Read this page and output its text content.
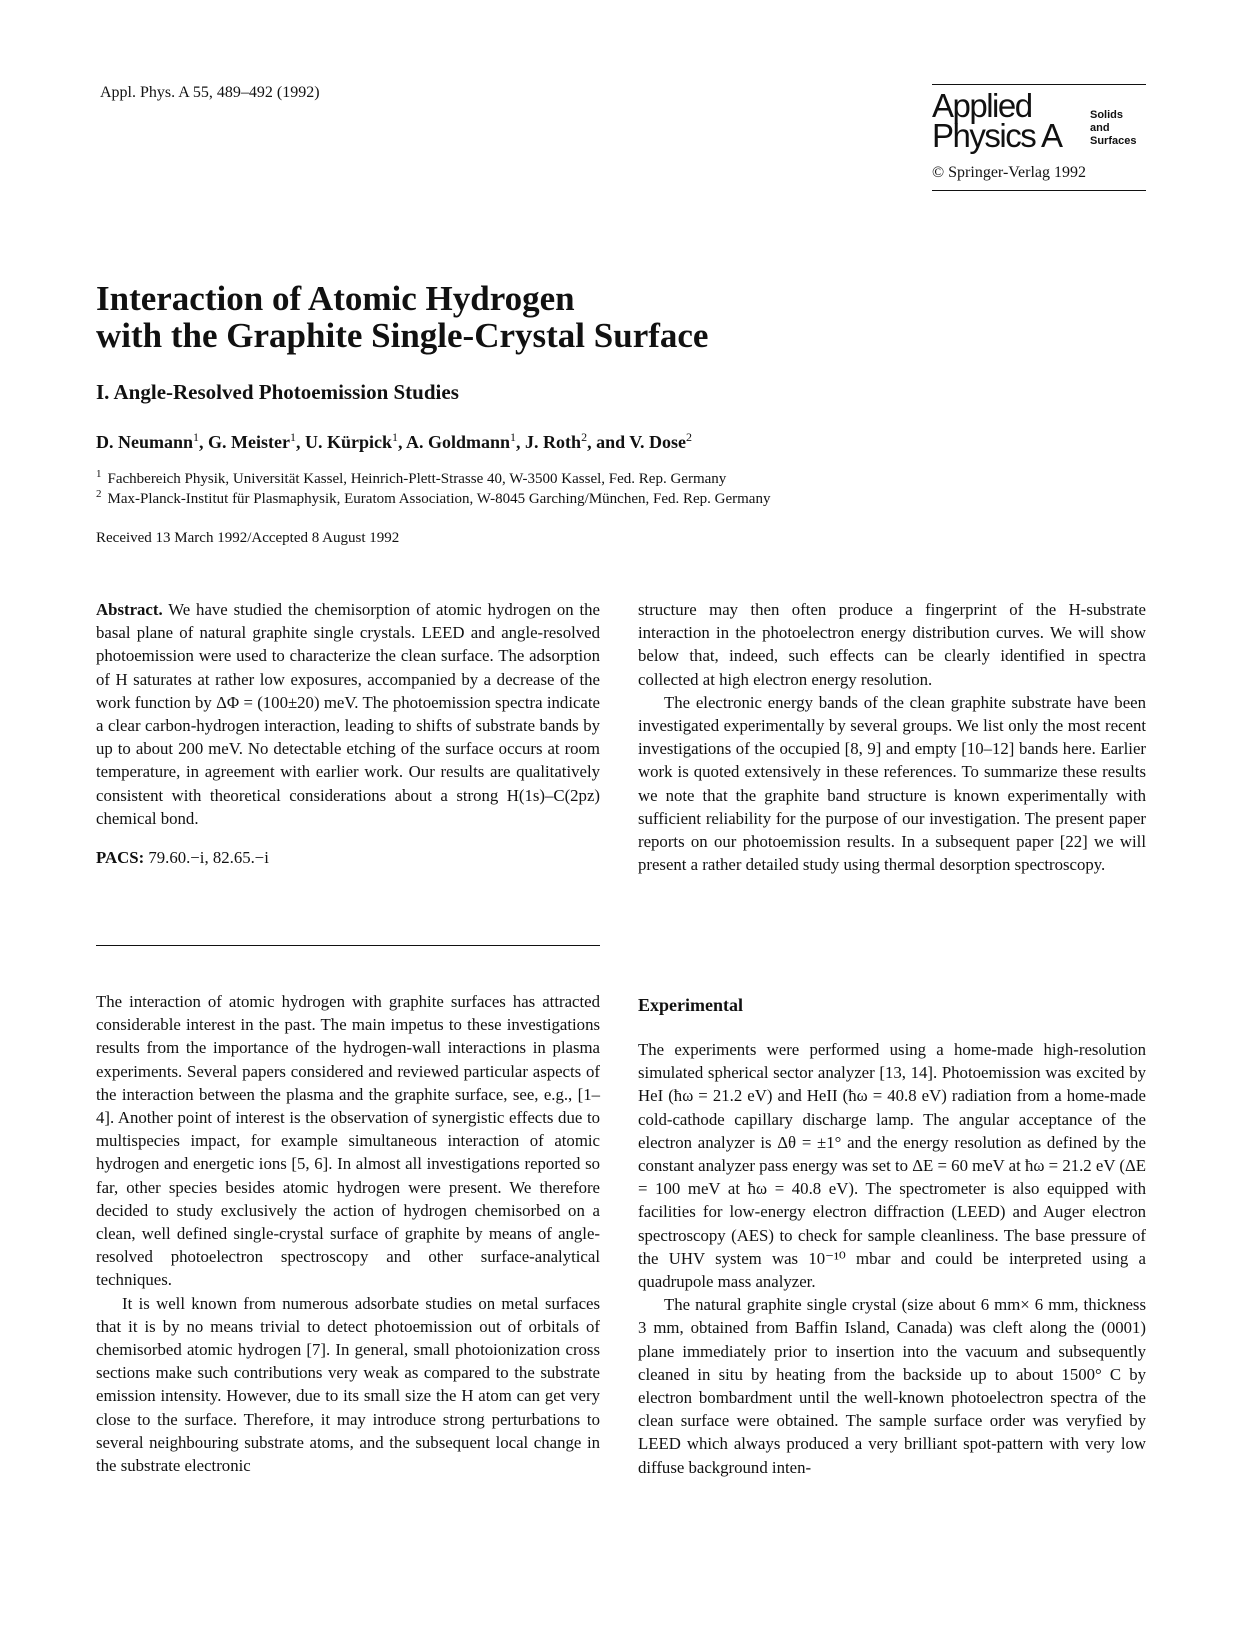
Appl. Phys. A 55, 489–492 (1992)	Applied
Physics A
Solids
and
Surfaces
© Springer-Verlag 1992
Interaction of Atomic Hydrogen
with the Graphite Single-Crystal Surface
I. Angle-Resolved Photoemission Studies
D. Neumann$^1$, G. Meister$^1$, U. Kürpick$^1$, A. Goldmann$^1$, J. Roth$^2$, and V. Dose$^2$
$^1$ Fachbereich Physik, Universität Kassel, Heinrich-Plett-Strasse 40, W-3500 Kassel, Fed. Rep. Germany
$^2$ Max-Planck-Institut für Plasmaphysik, Euratom Association, W-8045 Garching/München, Fed. Rep. Germany
Received 13 March 1992/Accepted 8 August 1992

Abstract. We have studied the chemisorption of atomic hydrogen on the basal plane of natural graphite single crystals. LEED and angle-resolved photoemission were used to characterize the clean surface. The adsorption of H saturates at rather low exposures, accompanied by a decrease of the work function by ΔΦ = (100±20) meV. The photoemission spectra indicate a clear carbon-hydrogen interaction, leading to shifts of substrate bands by up to about 200 meV. No detectable etching of the surface occurs at room temperature, in agreement with earlier work. Our results are qualitatively consistent with theoretical considerations about a strong H(1s)–C(2pz) chemical bond.

PACS: 79.60.−i, 82.65.−i

The interaction of atomic hydrogen with graphite surfaces has attracted considerable interest in the past. The main impetus to these investigations results from the importance of the hydrogen-wall interactions in plasma experiments. Several papers considered and reviewed particular aspects of the interaction between the plasma and the graphite surface, see, e.g., [1–4]. Another point of interest is the observation of synergistic effects due to multispecies impact, for example simultaneous interaction of atomic hydrogen and energetic ions [5, 6]. In almost all investigations reported so far, other species besides atomic hydrogen were present. We therefore decided to study exclusively the action of hydrogen chemisorbed on a clean, well defined single-crystal surface of graphite by means of angle-resolved photoelectron spectroscopy and other surface-analytical techniques.

It is well known from numerous adsorbate studies on metal surfaces that it is by no means trivial to detect photoemission out of orbitals of chemisorbed atomic hydrogen [7]. In general, small photoionization cross sections make such contributions very weak as compared to the substrate emission intensity. However, due to its small size the H atom can get very close to the surface. Therefore, it may introduce strong perturbations to several neighbouring substrate atoms, and the subsequent local change in the substrate electronic

structure may then often produce a fingerprint of the H-substrate interaction in the photoelectron energy distribution curves. We will show below that, indeed, such effects can be clearly identified in spectra collected at high electron energy resolution.

The electronic energy bands of the clean graphite substrate have been investigated experimentally by several groups. We list only the most recent investigations of the occupied [8, 9] and empty [10–12] bands here. Earlier work is quoted extensively in these references. To summarize these results we note that the graphite band structure is known experimentally with sufficient reliability for the purpose of our investigation. The present paper reports on our photoemission results. In a subsequent paper [22] we will present a rather detailed study using thermal desorption spectroscopy.

Experimental

The experiments were performed using a home-made high-resolution simulated spherical sector analyzer [13, 14]. Photoemission was excited by HeI (ħω = 21.2 eV) and HeII (ħω = 40.8 eV) radiation from a home-made cold-cathode capillary discharge lamp. The angular acceptance of the electron analyzer is Δθ = ±1° and the energy resolution as defined by the constant analyzer pass energy was set to ΔE = 60 meV at ħω = 21.2 eV (ΔE = 100 meV at ħω = 40.8 eV). The spectrometer is also equipped with facilities for low-energy electron diffraction (LEED) and Auger electron spectroscopy (AES) to check for sample cleanliness. The base pressure of the UHV system was 10⁻¹⁰ mbar and could be interpreted using a quadrupole mass analyzer.

The natural graphite single crystal (size about 6 mm× 6 mm, thickness 3 mm, obtained from Baffin Island, Canada) was cleft along the (0001) plane immediately prior to insertion into the vacuum and subsequently cleaned in situ by heating from the backside up to about 1500° C by electron bombardment until the well-known photoelectron spectra of the clean surface were obtained. The sample surface order was veryfied by LEED which always produced a very brilliant spot-pattern with very low diffuse background inten-
